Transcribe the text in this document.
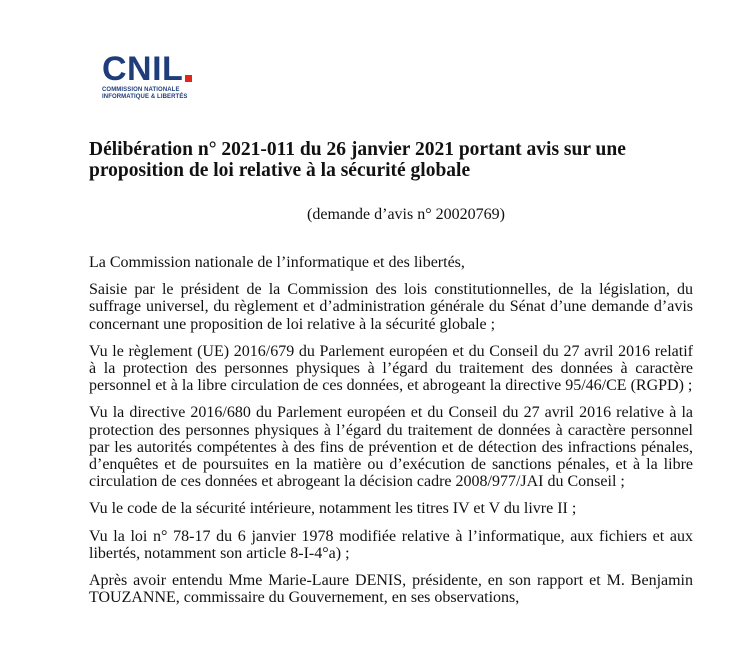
CNIL
COMMISSION NATIONALE
INFORMATIQUE & LIBERTÉS
Délibération n° 2021-011 du 26 janvier 2021 portant avis sur une proposition de loi relative à la sécurité globale
(demande d’avis n° 20020769)

La Commission nationale de l’informatique et des libertés,

Saisie par le président de la Commission des lois constitutionnelles, de la législation, du suffrage universel, du règlement et d’administration générale du Sénat d’une demande d’avis concernant une proposition de loi relative à la sécurité globale ;

Vu le règlement (UE) 2016/679 du Parlement européen et du Conseil du 27 avril 2016 relatif à la protection des personnes physiques à l’égard du traitement des données à caractère personnel et à la libre circulation de ces données, et abrogeant la directive 95/46/CE (RGPD) ;

Vu la directive 2016/680 du Parlement européen et du Conseil du 27 avril 2016 relative à la protection des personnes physiques à l’égard du traitement de données à caractère personnel par les autorités compétentes à des fins de prévention et de détection des infractions pénales, d’enquêtes et de poursuites en la matière ou d’exécution de sanctions pénales, et à la libre circulation de ces données et abrogeant la décision cadre 2008/977/JAI du Conseil ;

Vu le code de la sécurité intérieure, notamment les titres IV et V du livre II ;

Vu la loi n° 78-17 du 6 janvier 1978 modifiée relative à l’informatique, aux fichiers et aux libertés, notamment son article 8-I-4°a) ;

Après avoir entendu Mme Marie-Laure DENIS, présidente, en son rapport et M. Benjamin TOUZANNE, commissaire du Gouvernement, en ses observations,
